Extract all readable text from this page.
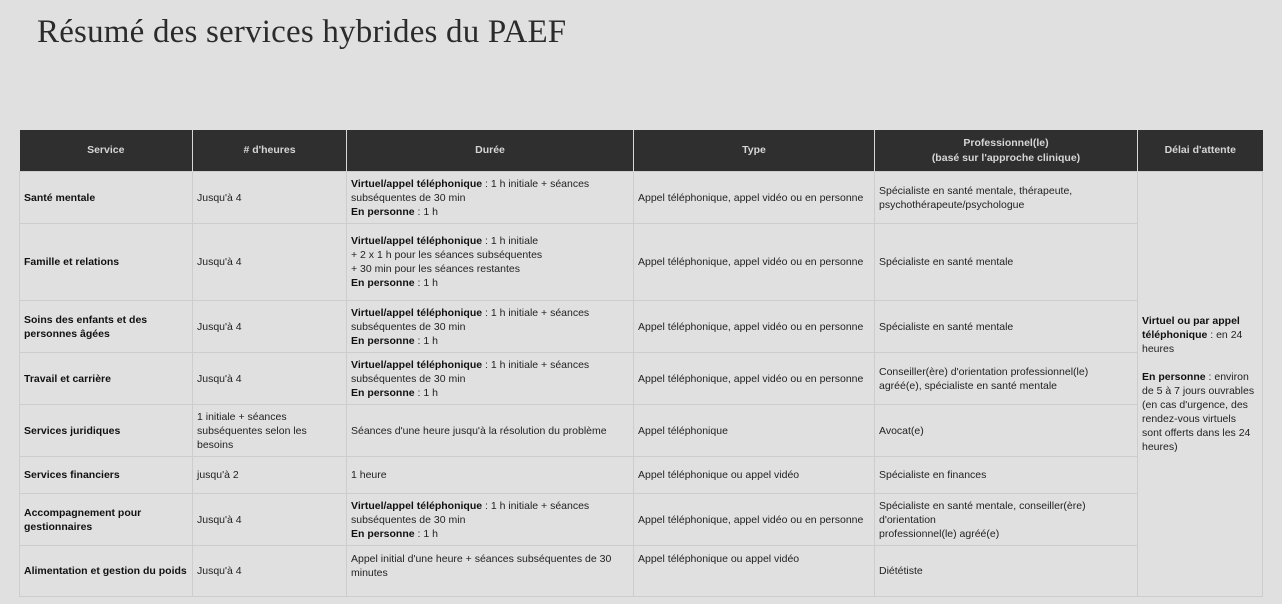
Résumé des services hybrides du PAEF
Service	# d'heures	Durée	Type	Professionnel(le)
(basé sur l'approche clinique)	Délai d'attente
Santé mentale	Jusqu'à 4	Virtuel/appel téléphonique : 1 h initiale + séances subséquentes de 30 min
En personne : 1 h	Appel téléphonique, appel vidéo ou en personne	Spécialiste en santé mentale, thérapeute, psychothérapeute/psychologue	Virtuel ou par appel téléphonique : en 24 heures
En personne : environ de 5 à 7 jours ouvrables (en cas d'urgence, des rendez-vous virtuels sont offerts dans les 24 heures)

Famille et relations	Jusqu'à 4	Virtuel/appel téléphonique : 1 h initiale
+ 2 x 1 h pour les séances subséquentes
+ 30 min pour les séances restantes
En personne : 1 h	Appel téléphonique, appel vidéo ou en personne	Spécialiste en santé mentale	
Soins des enfants et des personnes âgées	Jusqu'à 4	Virtuel/appel téléphonique : 1 h initiale + séances subséquentes de 30 min
En personne : 1 h	Appel téléphonique, appel vidéo ou en personne	Spécialiste en santé mentale	
Travail et carrière	Jusqu'à 4	Virtuel/appel téléphonique : 1 h initiale + séances subséquentes de 30 min
En personne : 1 h	Appel téléphonique, appel vidéo ou en personne	Conseiller(ère) d'orientation professionnel(le) agréé(e), spécialiste en santé mentale	
Services juridiques	1 initiale + séances subséquentes selon les besoins	Séances d'une heure jusqu'à la résolution du problème	Appel téléphonique	Avocat(e)	
Services financiers	jusqu'à 2	1 heure	Appel téléphonique ou appel vidéo	Spécialiste en finances	
Accompagnement pour gestionnaires	Jusqu'à 4	Virtuel/appel téléphonique : 1 h initiale + séances subséquentes de 30 min
En personne : 1 h	Appel téléphonique, appel vidéo ou en personne	Spécialiste en santé mentale, conseiller(ère) d'orientation
professionnel(le) agréé(e)	

Alimentation et gestion du poids	Jusqu'à 4	Appel initial d'une heure + séances subséquentes de 30 minutes	Appel téléphonique ou appel vidéo	Diététiste	
